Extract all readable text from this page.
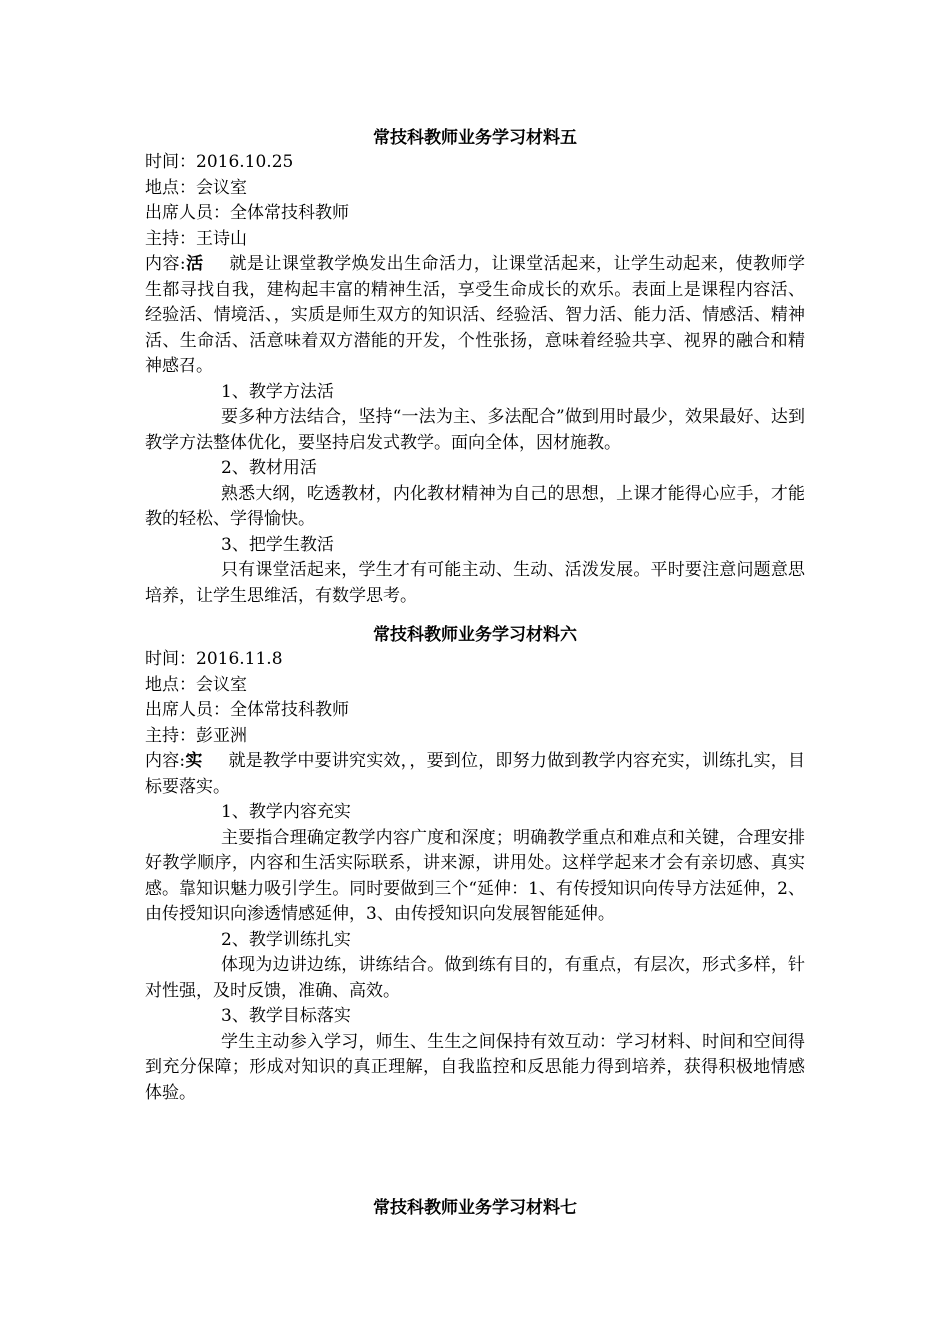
常技科教师业务学习材料五
时间：2016.10.25
地点：会议室
出席人员：全体常技科教师
主持：王诗山
内容:活 就是让课堂教学焕发出生命活力，让课堂活起来，让学生动起来，使教师学生都寻找自我，建构起丰富的精神生活，享受生命成长的欢乐。表面上是课程内容活、经验活、情境活、，实质是师生双方的知识活、经验活、智力活、能力活、情感活、精神活、生命活、活意味着双方潜能的开发，个性张扬，意味着经验共享、视界的融合和精神感召。
1、教学方法活
要多种方法结合，坚持“一法为主、多法配合”做到用时最少，效果最好、达到教学方法整体优化，要坚持启发式教学。面向全体，因材施教。
2、教材用活
熟悉大纲，吃透教材，内化教材精神为自己的思想，上课才能得心应手，才能教的轻松、学得愉快。
3、把学生教活
只有课堂活起来，学生才有可能主动、生动、活泼发展。平时要注意问题意思培养，让学生思维活，有数学思考。
常技科教师业务学习材料六
时间：2016.11.8
地点：会议室
出席人员：全体常技科教师
主持：彭亚洲
内容:实 就是教学中要讲究实效，，要到位，即努力做到教学内容充实，训练扎实，目标要落实。
1、教学内容充实
主要指合理确定教学内容广度和深度；明确教学重点和难点和关键，合理安排好教学顺序，内容和生活实际联系，讲来源，讲用处。这样学起来才会有亲切感、真实感。靠知识魅力吸引学生。同时要做到三个“延伸：1、有传授知识向传导方法延伸，2、由传授知识向渗透情感延伸，3、由传授知识向发展智能延伸。
2、教学训练扎实
体现为边讲边练，讲练结合。做到练有目的，有重点，有层次，形式多样，针对性强，及时反馈，准确、高效。
3、教学目标落实
学生主动参入学习，师生、生生之间保持有效互动：学习材料、时间和空间得到充分保障；形成对知识的真正理解，自我监控和反思能力得到培养，获得积极地情感体验。
常技科教师业务学习材料七
